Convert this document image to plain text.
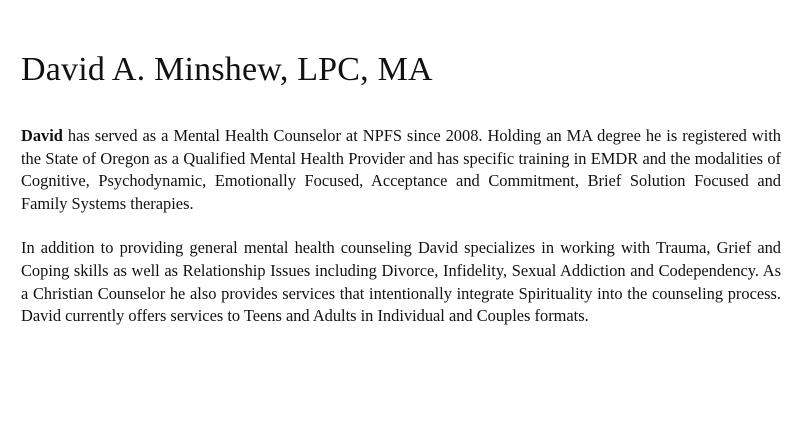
David A. Minshew, LPC, MA

David has served as a Mental Health Counselor at NPFS since 2008. Holding an MA degree he is registered with the State of Oregon as a Qualified Mental Health Provider and has specific training in EMDR and the modalities of Cognitive, Psychodynamic, Emotionally Focused, Acceptance and Commitment, Brief Solution Focused and Family Systems therapies.

In addition to providing general mental health counseling David specializes in working with Trauma, Grief and Coping skills as well as Relationship Issues including Divorce, Infidelity, Sexual Addiction and Codependency. As a Christian Counselor he also provides services that intentionally integrate Spirituality into the counseling process. David currently offers services to Teens and Adults in Individual and Couples formats.
